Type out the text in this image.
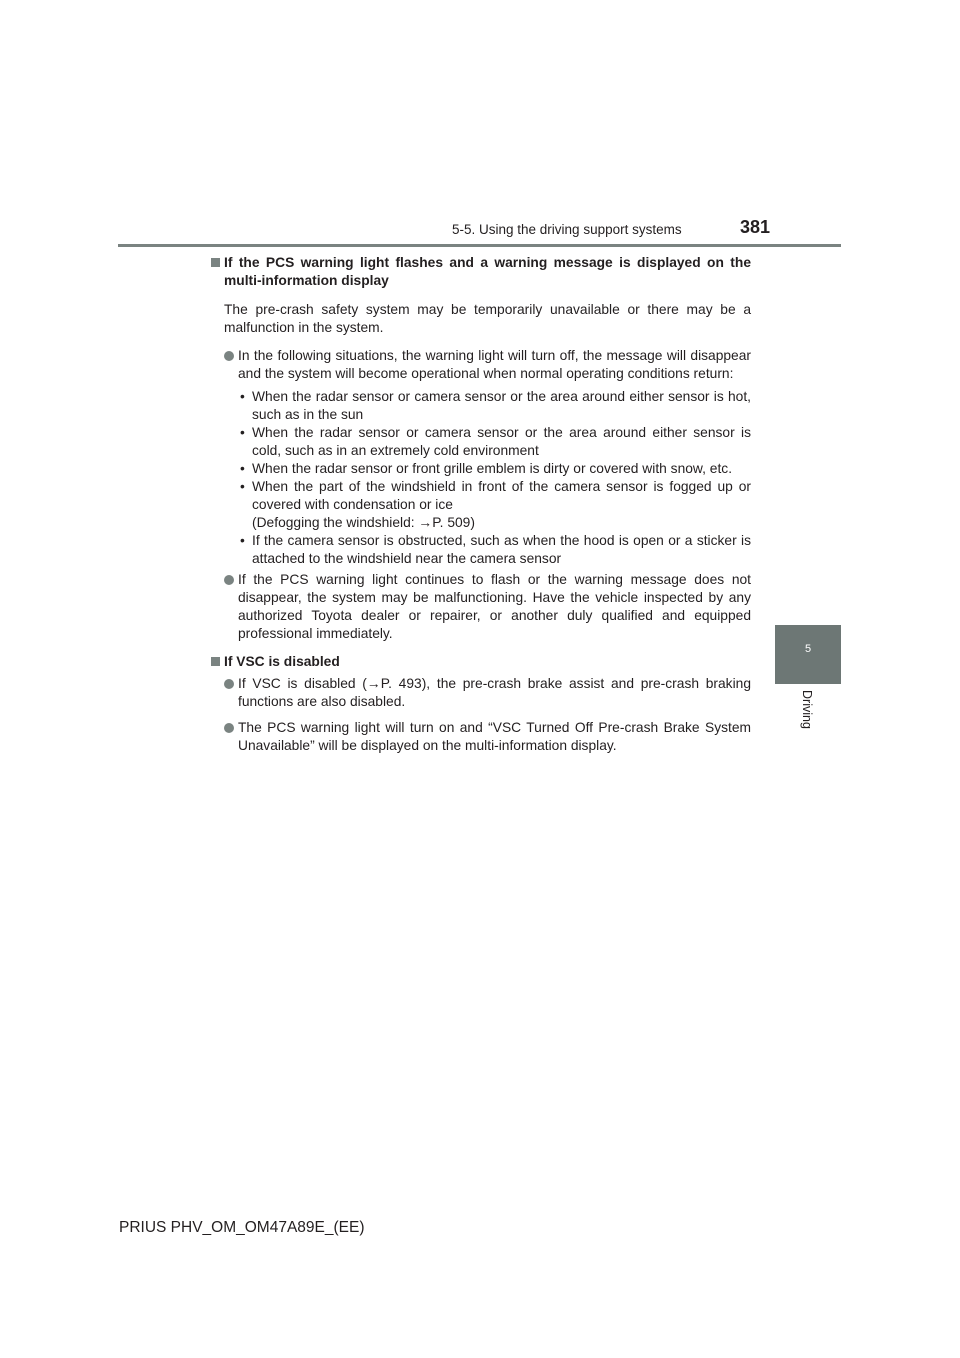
5-5. Using the driving support systems	381
5
Driving
If the PCS warning light flashes and a warning message is displayed on the multi-information display
The pre-crash safety system may be temporarily unavailable or there may be a malfunction in the system.
In the following situations, the warning light will turn off, the message will disappear and the system will become operational when normal operating conditions return:
• When the radar sensor or camera sensor or the area around either sensor is hot, such as in the sun
• When the radar sensor or camera sensor or the area around either sensor is cold, such as in an extremely cold environment
• When the radar sensor or front grille emblem is dirty or covered with snow, etc.
• When the part of the windshield in front of the camera sensor is fogged up or covered with condensation or ice
(Defogging the windshield: →P. 509)
• If the camera sensor is obstructed, such as when the hood is open or a sticker is attached to the windshield near the camera sensor
If the PCS warning light continues to flash or the warning message does not disappear, the system may be malfunctioning. Have the vehicle inspected by any authorized Toyota dealer or repairer, or another duly qualified and equipped professional immediately.
If VSC is disabled
If VSC is disabled (→P. 493), the pre-crash brake assist and pre-crash braking functions are also disabled.
The PCS warning light will turn on and “VSC Turned Off Pre-crash Brake System Unavailable” will be displayed on the multi-information display.
PRIUS PHV_OM_OM47A89E_(EE)
